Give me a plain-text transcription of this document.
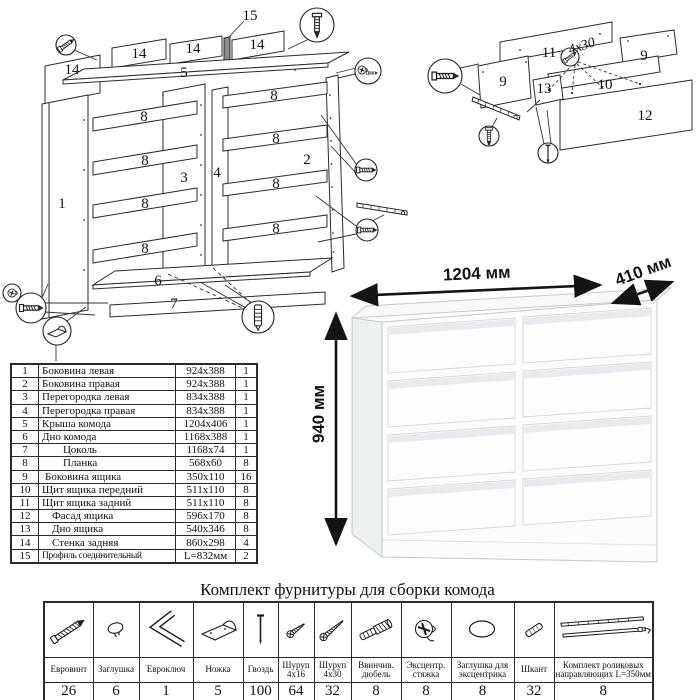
15
14
14	14	14
5
8
8
8
8
8
8
8
8
1
2
3 4
6
7
11
9
9
13	10
12
4х30
1204 мм	410 мм
940 мм
1	Боковина левая	924x388	1
2	Боковина правая	924x388	1
3	Перегородка левая	834x388	1
4	Перегородка правая	834x388	1
5	Крыша комода	1204x406	1
6	Дно комода	1168x388	1
7	Цоколь	1168x74	1
8	Планка	568x60	8
9	Боковина ящика	350x110	16
10	Щит ящика передний	511x110	8
11	Щит ящика задний	511x110	8
12	Фасад ящика	596x170	8
13	Дно ящика	540x346	8
14	Стенка задняя	860x298	4
15	Профиль соединительный	L=832мм	2
Комплект фурнитуры для сборки комода

Евровинт	Заглушка	Евроключ	Ножка	Гвоздь	Шуруп 4х16	Шуруп 4х30	Ввинчив. дюбель	Эксцентр. стяжка	Заглушка для эксцентрика	Шкант	Комплект роликовых направляющих L=350мм
26	6	1	5	100	64	32	8	8	8	32	8
